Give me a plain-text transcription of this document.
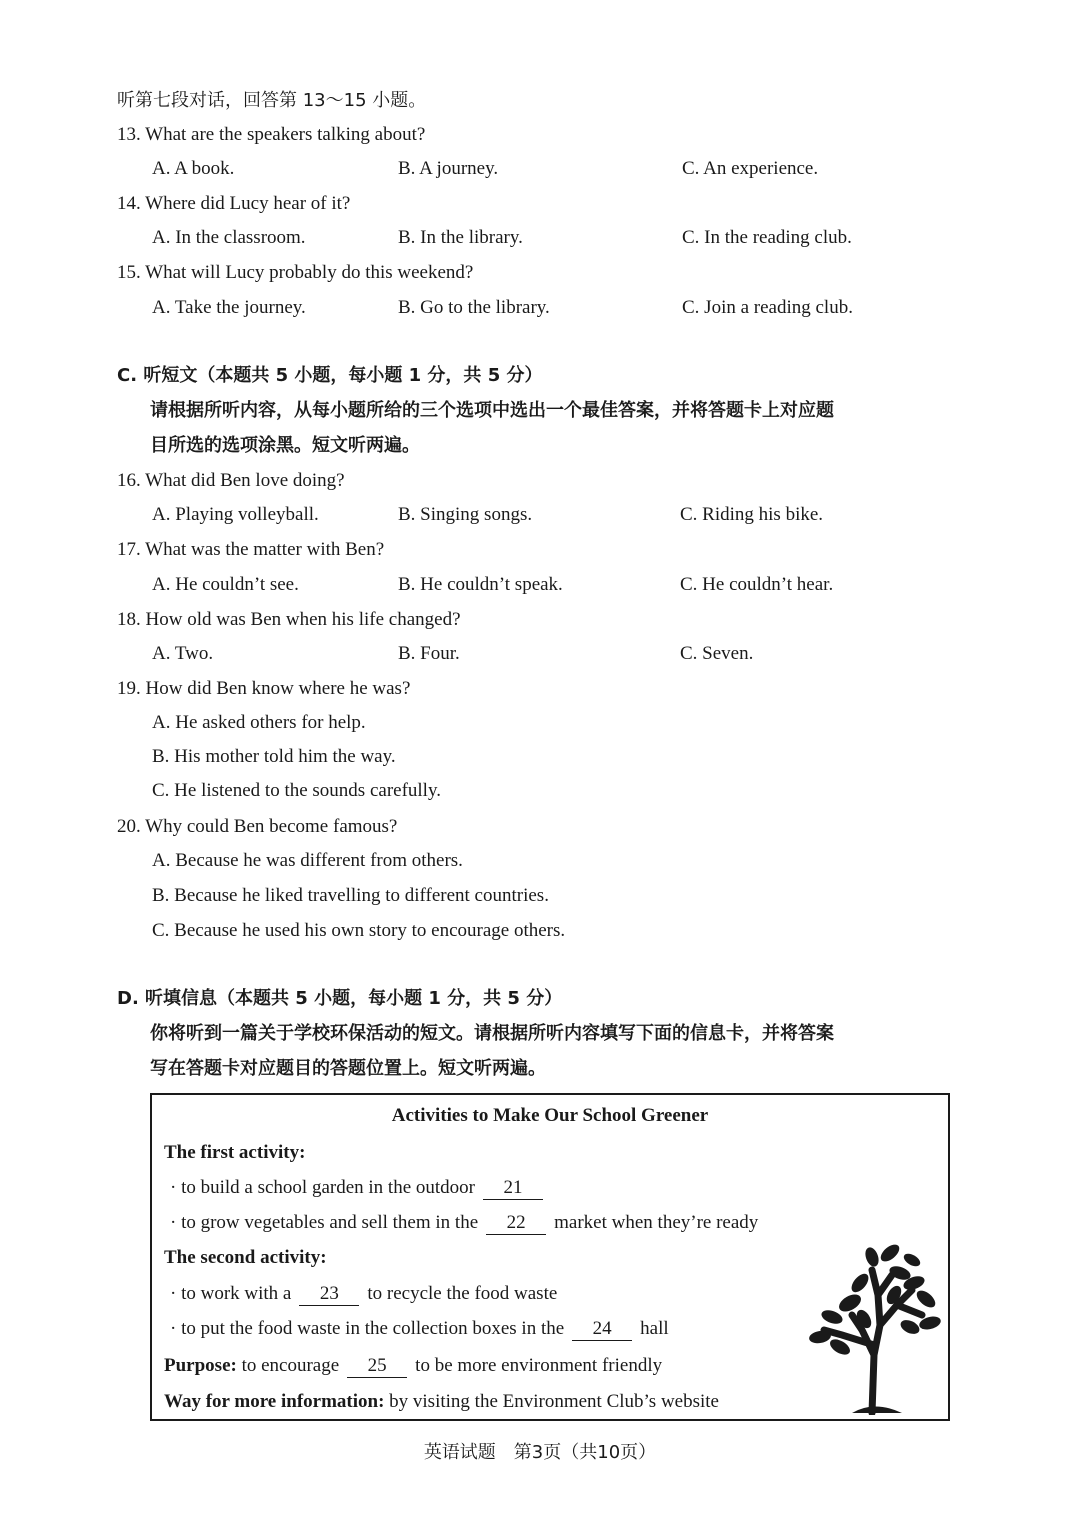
听第七段对话，回答第 13～15 小题。
13. What are the speakers talking about?
A. A book.	B. A journey.	C. An experience.
14. Where did Lucy hear of it?
A. In the classroom.	B. In the library.	C. In the reading club.
15. What will Lucy probably do this weekend?
A. Take the journey.	B. Go to the library.	C. Join a reading club.
C. 听短文（本题共 5 小题，每小题 1 分，共 5 分）
请根据所听内容，从每小题所给的三个选项中选出一个最佳答案，并将答题卡上对应题
目所选的选项涂黑。短文听两遍。
16. What did Ben love doing?
A. Playing volleyball.	B. Singing songs.	C. Riding his bike.
17. What was the matter with Ben?
A. He couldn’t see.	B. He couldn’t speak.	C. He couldn’t hear.
18. How old was Ben when his life changed?
A. Two.	B. Four.	C. Seven.
19. How did Ben know where he was?
A. He asked others for help.
B. His mother told him the way.
C. He listened to the sounds carefully.
20. Why could Ben become famous?
A. Because he was different from others.
B. Because he liked travelling to different countries.
C. Because he used his own story to encourage others.
D. 听填信息（本题共 5 小题，每小题 1 分，共 5 分）
你将听到一篇关于学校环保活动的短文。请根据所听内容填写下面的信息卡，并将答案
写在答题卡对应题目的答题位置上。短文听两遍。
Activities to Make Our School Greener
The first activity:
· to build a school garden in the outdoor 21
· to grow vegetables and sell them in the 22 market when they’re ready
The second activity:
· to work with a 23 to recycle the food waste
· to put the food waste in the collection boxes in the 24 hall
Purpose: to encourage 25 to be more environment friendly
Way for more information: by visiting the Environment Club’s website
英语试题　第3页（共10页）
